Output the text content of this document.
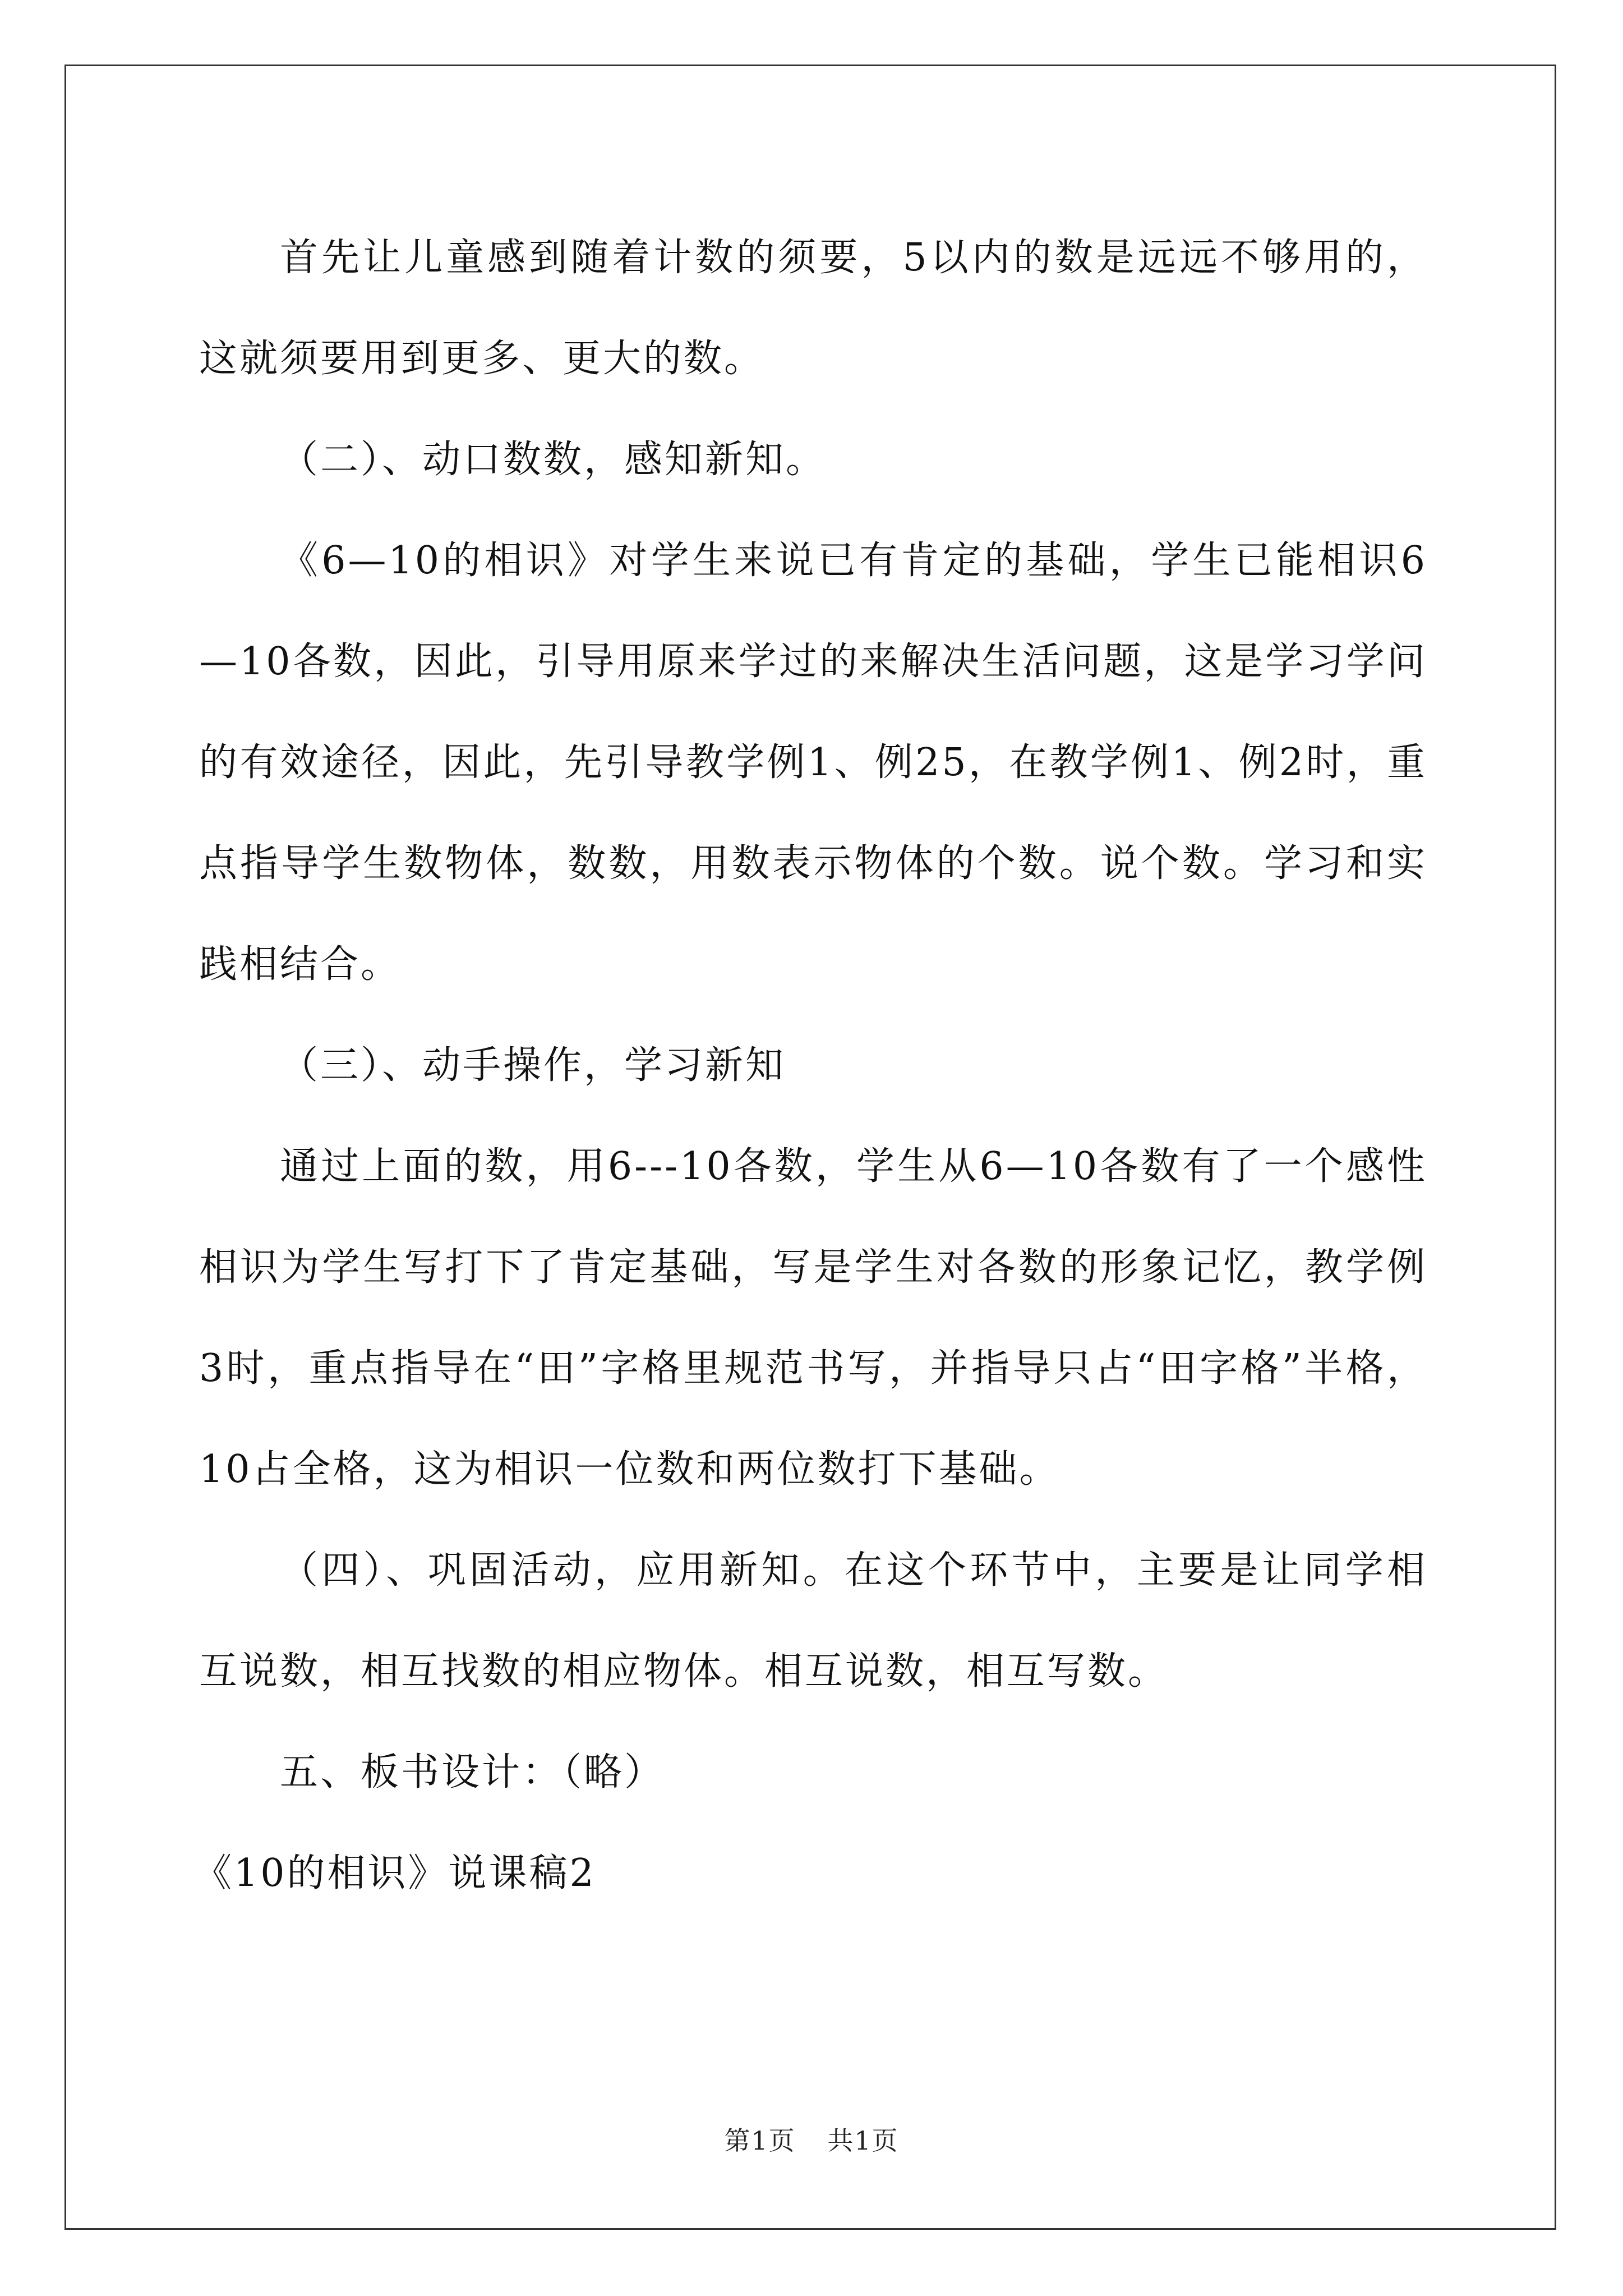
首先让儿童感到随着计数的须要，5以内的数是远远不够用的，这就须要用到更多、更大的数。

（二）、动口数数，感知新知。

《6—10的相识》对学生来说已有肯定的基础，学生已能相识6—10各数，因此，引导用原来学过的来解决生活问题，这是学习学问的有效途径，因此，先引导教学例1、例25，在教学例1、例2时，重点指导学生数物体，数数，用数表示物体的个数。说个数。学习和实践相结合。

（三）、动手操作，学习新知

通过上面的数，用6---10各数，学生从6—10各数有了一个感性相识为学生写打下了肯定基础，写是学生对各数的形象记忆，教学例3时，重点指导在“田”字格里规范书写，并指导只占“田字格”半格，10占全格，这为相识一位数和两位数打下基础。

（四）、巩固活动，应用新知。在这个环节中，主要是让同学相互说数，相互找数的相应物体。相互说数，相互写数。

五、板书设计：（略）

《10的相识》说课稿2

第1页 共1页
